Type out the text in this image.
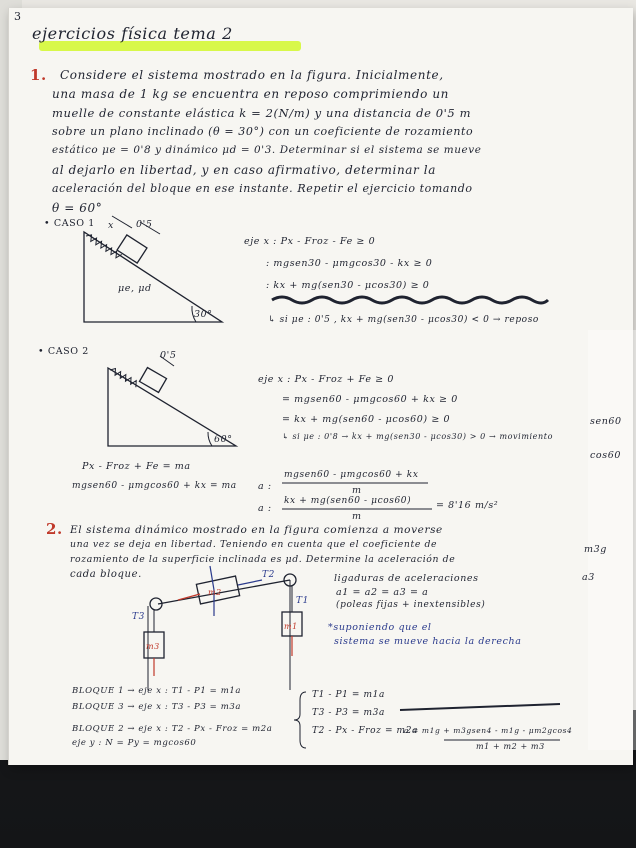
3
ejercicios física tema 2
1. Considere el sistema mostrado en la figura. Inicialmente,
una masa de 1 kg se encuentra en reposo comprimiendo un
muelle de constante elástica k = 2(N/m) y una distancia de 0'5 m
sobre un plano inclinado (θ = 30°) con un coeficiente de rozamiento
estático μe = 0'8 y dinámico μd = 0'3. Determinar si el sistema se mueve
al dejarlo en libertad, y en caso afirmativo, determinar la
aceleración del bloque en ese instante. Repetir el ejercicio tomando
θ = 60°
• CASO 1 x 0'5
μe, μd
30°
eje x : Px - Froz - Fe ≥ 0
: mgsen30 - μmgcos30 - kx ≥ 0
: kx + mg(sen30 - μcos30) ≥ 0
↳ si μe : 0'5 , kx + mg(sen30 - μcos30) < 0 → reposo
• CASO 2	0'5
60°
eje x : Px - Froz + Fe ≥ 0
= mgsen60 - μmgcos60 + kx ≥ 0
= kx + mg(sen60 - μcos60) ≥ 0
↳ si μe : 0'8 → kx + mg(sen30 - μcos30) > 0 → movimiento
sen60
cos60
Px - Froz + Fe = ma
mgsen60 - μmgcos60 + kx = ma a :
mgsen60 - μmgcos60 + kx
m
a :
kx + mg(sen60 - μcos60)
m
= 8'16 m/s²
2. El sistema dinámico mostrado en la figura comienza a moverse
una vez se deja en libertad. Teniendo en cuenta que el coeficiente de
rozamiento de la superficie inclinada es μd. Determine la aceleración de
cada bloque.
m3g
a3
m2
m3
m1
T2
T1
T3
ligaduras de aceleraciones
a1 = a2 = a3 = a
(poleas fijas + inextensibles)
*suponiendo que el
sistema se mueve hacia la derecha
BLOQUE 1 → eje x : T1 - P1 = m1a
BLOQUE 3 → eje x : T3 - P3 = m3a
BLOQUE 2 → eje x : T2 - Px - Froz = m2a
eje y : N = Py = mgcos60
T1 - P1 = m1a
T3 - P3 = m3a
T2 - Px - Froz = m2a
a = m1g + m3gsen4 - m1g - μm2gcos4
m1 + m2 + m3
